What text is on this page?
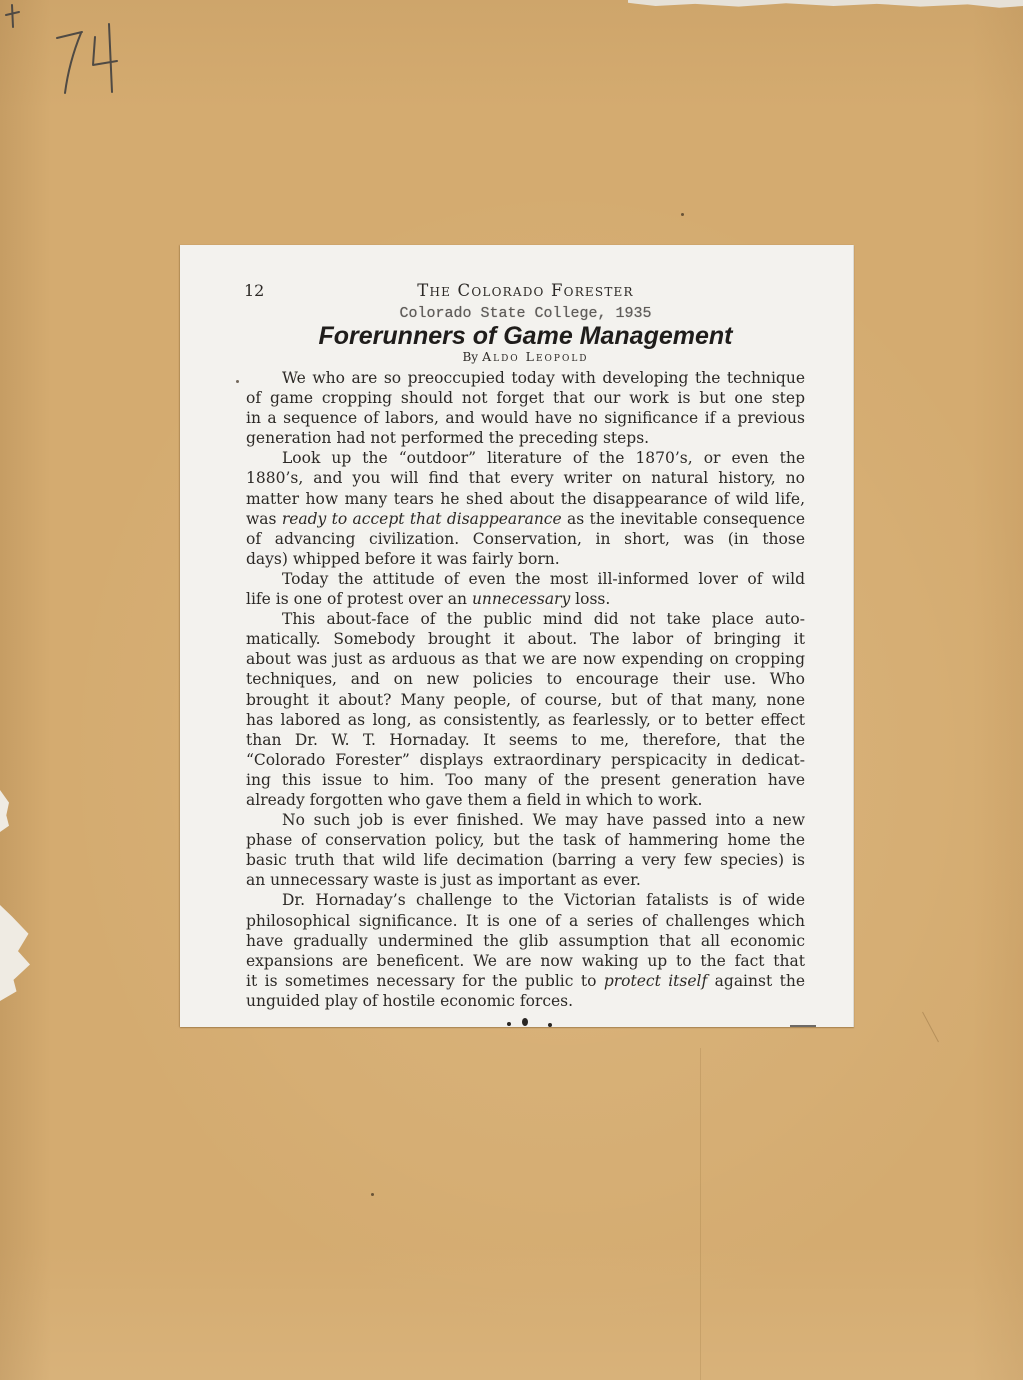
12	The Colorado Forester
Colorado State College, 1935
Forerunners of Game Management
By Aldo Leopold
We who are so preoccupied today with developing the technique
of game cropping should not forget that our work is but one step
in a sequence of labors, and would have no significance if a previous
generation had not performed the preceding steps.
Look up the “outdoor” literature of the 1870’s, or even the
1880’s, and you will find that every writer on natural history, no
matter how many tears he shed about the disappearance of wild life,
was ready to accept that disappearance as the inevitable consequence
of advancing civilization. Conservation, in short, was (in those
days) whipped before it was fairly born.
Today the attitude of even the most ill-informed lover of wild
life is one of protest over an unnecessary loss.
This about-face of the public mind did not take place auto-
matically. Somebody brought it about. The labor of bringing it
about was just as arduous as that we are now expending on cropping
techniques, and on new policies to encourage their use. Who
brought it about? Many people, of course, but of that many, none
has labored as long, as consistently, as fearlessly, or to better effect
than Dr. W. T. Hornaday. It seems to me, therefore, that the
“Colorado Forester” displays extraordinary perspicacity in dedicat-
ing this issue to him. Too many of the present generation have
already forgotten who gave them a field in which to work.
No such job is ever finished. We may have passed into a new
phase of conservation policy, but the task of hammering home the
basic truth that wild life decimation (barring a very few species) is
an unnecessary waste is just as important as ever.
Dr. Hornaday’s challenge to the Victorian fatalists is of wide
philosophical significance. It is one of a series of challenges which
have gradually undermined the glib assumption that all economic
expansions are beneficent. We are now waking up to the fact that
it is sometimes necessary for the public to protect itself against the
unguided play of hostile economic forces.
